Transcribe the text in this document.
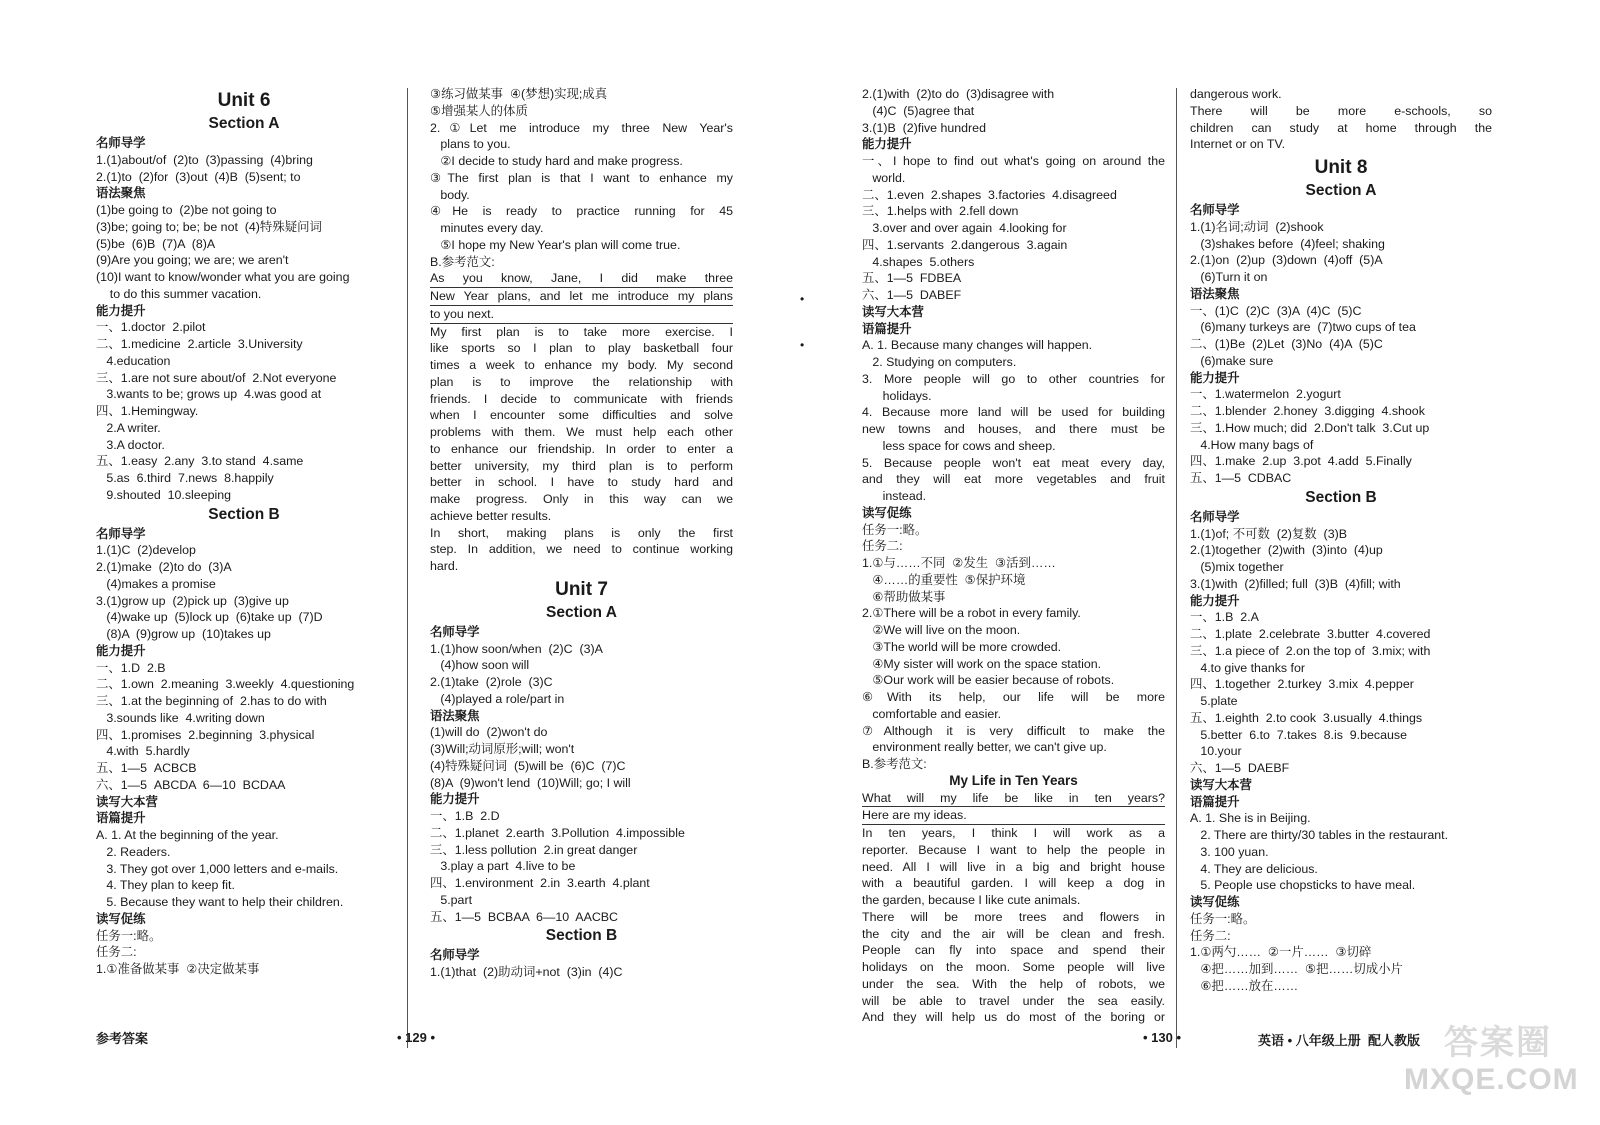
Unit 6
Section A
名师导学
1.(1)about/of  (2)to  (3)passing  (4)bring
2.(1)to  (2)for  (3)out  (4)B  (5)sent; to
语法聚焦
(1)be going to  (2)be not going to
(3)be; going to; be; be not  (4)特殊疑问词
(5)be  (6)B  (7)A  (8)A
(9)Are you going; we are; we aren't
(10)I want to know/wonder what you are going
to do this summer vacation.
能力提升
一、1.doctor  2.pilot
二、1.medicine  2.article  3.University
4.education
三、1.are not sure about/of  2.Not everyone
3.wants to be; grows up  4.was good at
四、1.Hemingway.
2.A writer.
3.A doctor.
五、1.easy  2.any  3.to stand  4.same
5.as  6.third  7.news  8.happily
9.shouted  10.sleeping
Section B
名师导学
1.(1)C  (2)develop
2.(1)make  (2)to do  (3)A
(4)makes a promise
3.(1)grow up  (2)pick up  (3)give up
(4)wake up  (5)lock up  (6)take up  (7)D
(8)A  (9)grow up  (10)takes up
能力提升
一、1.D  2.B
二、1.own  2.meaning  3.weekly  4.questioning
三、1.at the beginning of  2.has to do with
3.sounds like  4.writing down
四、1.promises  2.beginning  3.physical
4.with  5.hardly
五、1—5  ACBCB
六、1—5  ABCDA  6—10  BCDAA
读写大本营
语篇提升
A. 1. At the beginning of the year.
2. Readers.
3. They got over 1,000 letters and e-mails.
4. They plan to keep fit.
5. Because they want to help their children.
读写促练
任务一:略。
任务二:
1.①准备做某事  ②决定做某事
③练习做某事  ④(梦想)实现;成真
⑤增强某人的体质
2.①Let me introduce my three New Year's
plans to you.
②I decide to study hard and make progress.
③The first plan is that I want to enhance my
body.
④He is ready to practice running for 45
minutes every day.
⑤I hope my New Year's plan will come true.
B.参考范文:
As you know, Jane, I did make three
New Year plans, and let me introduce my plans
to you next.
My first plan is to take more exercise. I
like sports so I plan to play basketball four
times a week to enhance my body. My second
plan is to improve the relationship with
friends. I decide to communicate with friends
when I encounter some difficulties and solve
problems with them. We must help each other
to enhance our friendship. In order to enter a
better university, my third plan is to perform
better in school. I have to study hard and
make progress. Only in this way can we
achieve better results.
In short, making plans is only the first
step. In addition, we need to continue working
hard.
Unit 7
Section A
名师导学
1.(1)how soon/when  (2)C  (3)A
(4)how soon will
2.(1)take  (2)role  (3)C
(4)played a role/part in
语法聚焦
(1)will do  (2)won't do
(3)Will;动词原形;will; won't
(4)特殊疑问词  (5)will be  (6)C  (7)C
(8)A  (9)won't lend  (10)Will; go; I will
能力提升
一、1.B  2.D
二、1.planet  2.earth  3.Pollution  4.impossible
三、1.less pollution  2.in great danger
3.play a part  4.live to be
四、1.environment  2.in  3.earth  4.plant
5.part
五、1—5  BCBAA  6—10  AACBC
Section B
名师导学
1.(1)that  (2)助动词+not  (3)in  (4)C
2.(1)with  (2)to do  (3)disagree with
(4)C  (5)agree that
3.(1)B  (2)five hundred
能力提升
一、I hope to find out what's going on around the
world.
二、1.even  2.shapes  3.factories  4.disagreed
三、1.helps with  2.fell down
3.over and over again  4.looking for
四、1.servants  2.dangerous  3.again
4.shapes  5.others
五、1—5  FDBEA
六、1—5  DABEF
读写大本营
语篇提升
A. 1. Because many changes will happen.
2. Studying on computers.
3. More people will go to other countries for
holidays.
4. Because more land will be used for building
new towns and houses, and there must be
less space for cows and sheep.
5. Because people won't eat meat every day,
and they will eat more vegetables and fruit
instead.
读写促练
任务一:略。
任务二:
1.①与……不同  ②发生  ③活到……
④……的重要性  ⑤保护环境
⑥帮助做某事
2.①There will be a robot in every family.
②We will live on the moon.
③The world will be more crowded.
④My sister will work on the space station.
⑤Our work will be easier because of robots.
⑥With its help, our life will be more
comfortable and easier.
⑦Although it is very difficult to make the
environment really better, we can't give up.
B.参考范文:
My Life in Ten Years
What will my life be like in ten years?
Here are my ideas.
In ten years, I think I will work as a
reporter. Because I want to help the people in
need. All I will live in a big and bright house
with a beautiful garden. I will keep a dog in
the garden, because I like cute animals.
There will be more trees and flowers in
the city and the air will be clean and fresh.
People can fly into space and spend their
holidays on the moon. Some people will live
under the sea. With the help of robots, we
will be able to travel under the sea easily.
And they will help us do most of the boring or
dangerous work.
There will be more e-schools, so
children can study at home through the
Internet or on TV.
Unit 8
Section A
名师导学
1.(1)名词;动词  (2)shook
(3)shakes before  (4)feel; shaking
2.(1)on  (2)up  (3)down  (4)off  (5)A
(6)Turn it on
语法聚焦
一、(1)C  (2)C  (3)A  (4)C  (5)C
(6)many turkeys are  (7)two cups of tea
二、(1)Be  (2)Let  (3)No  (4)A  (5)C
(6)make sure
能力提升
一、1.watermelon  2.yogurt
二、1.blender  2.honey  3.digging  4.shook
三、1.How much; did  2.Don't talk  3.Cut up
4.How many bags of
四、1.make  2.up  3.pot  4.add  5.Finally
五、1—5  CDBAC
Section B
名师导学
1.(1)of; 不可数  (2)复数  (3)B
2.(1)together  (2)with  (3)into  (4)up
(5)mix together
3.(1)with  (2)filled; full  (3)B  (4)fill; with
能力提升
一、1.B  2.A
二、1.plate  2.celebrate  3.butter  4.covered
三、1.a piece of  2.on the top of  3.mix; with
4.to give thanks for
四、1.together  2.turkey  3.mix  4.pepper
5.plate
五、1.eighth  2.to cook  3.usually  4.things
5.better  6.to  7.takes  8.is  9.because
10.your
六、1—5  DAEBF
读写大本营
语篇提升
A. 1. She is in Beijing.
2. There are thirty/30 tables in the restaurant.
3. 100 yuan.
4. They are delicious.
5. People use chopsticks to have meal.
读写促练
任务一:略。
任务二:
1.①两勺……  ②一片……  ③切碎
④把……加到……  ⑤把……切成小片
⑥把……放在……
•
•
参考答案	• 129 •	• 130 •	英语 • 八年级上册  配人教版 答案圈
MXQE.COM
